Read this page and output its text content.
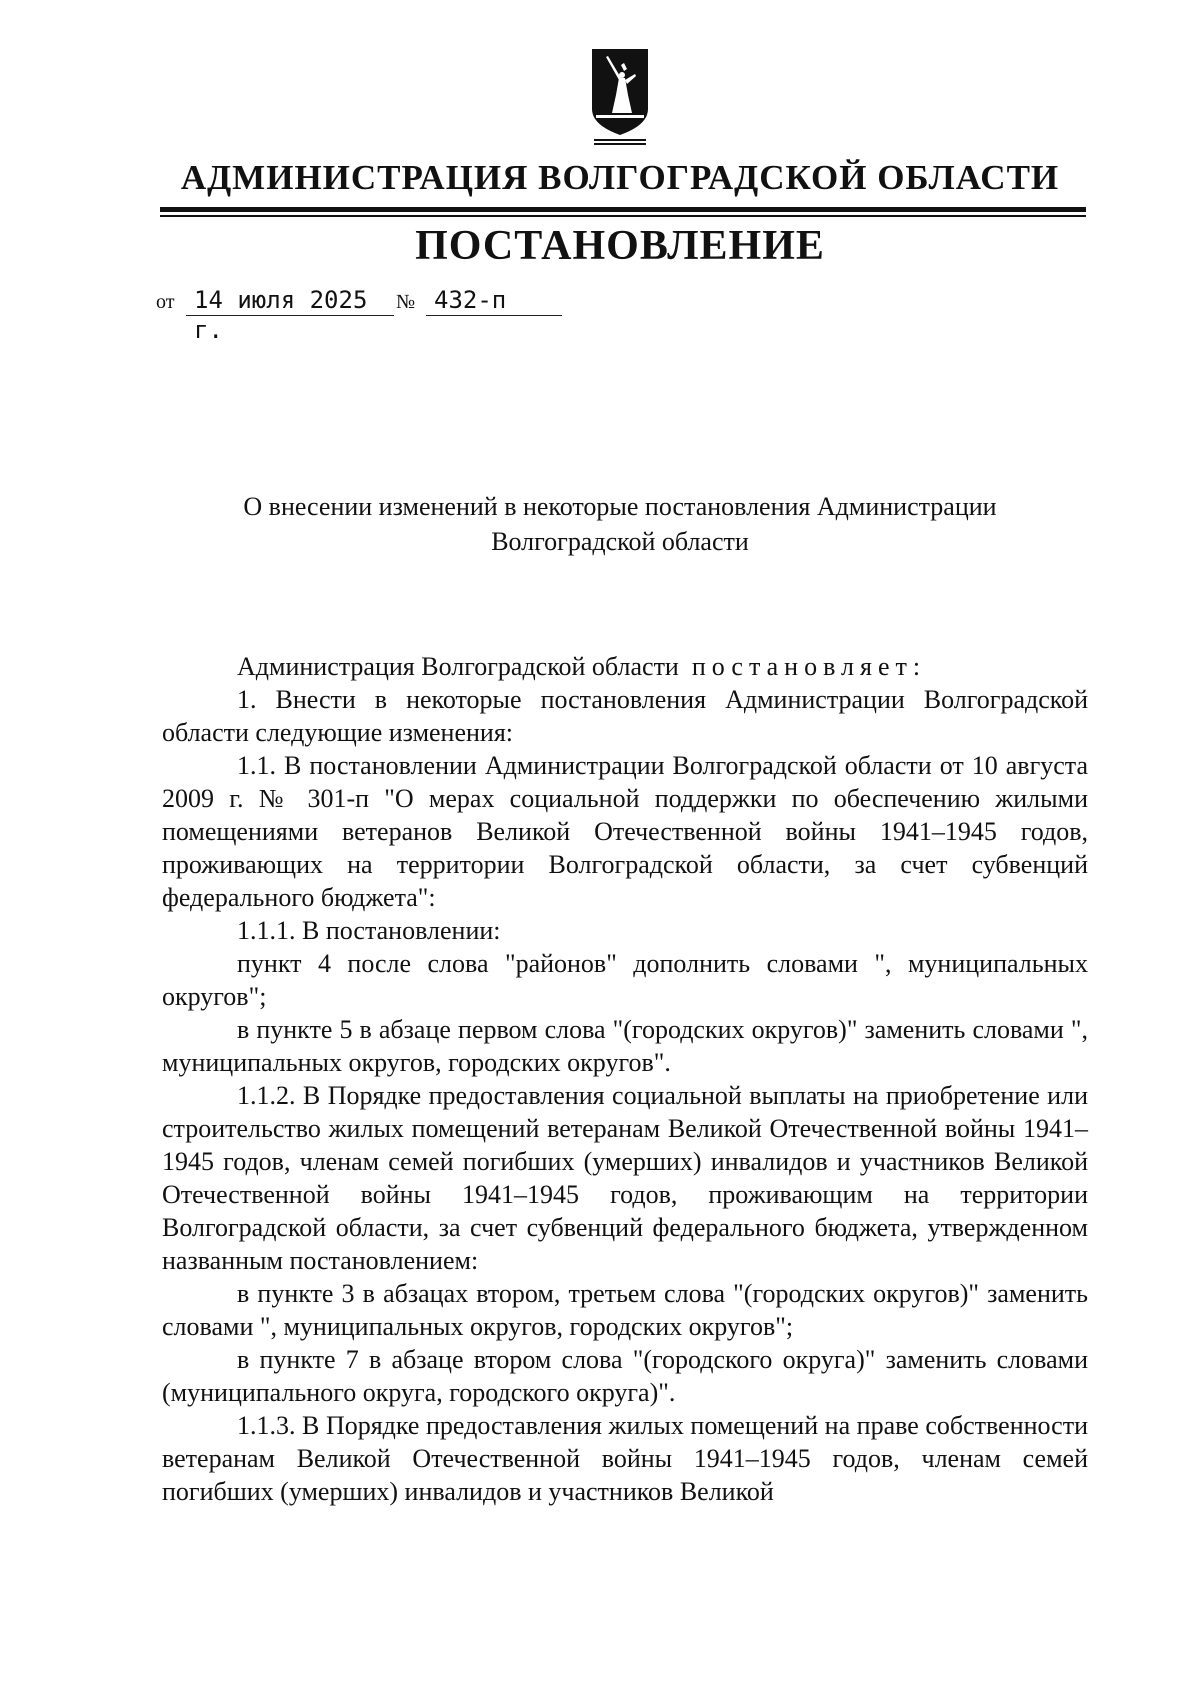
АДМИНИСТРАЦИЯ ВОЛГОГРАДСКОЙ ОБЛАСТИ
ПОСТАНОВЛЕНИЕ
от 14 июля 2025 г.
№ 432-п
О внесении изменений в некоторые постановления Администрации
Волгоградской области

Администрация Волгоградской области постановляет:

1. Внести в некоторые постановления Администрации Волгоградской области следующие изменения:

1.1. В постановлении Администрации Волгоградской области от 10 августа 2009 г. № 301-п "О мерах социальной поддержки по обеспечению жилыми помещениями ветеранов Великой Отечественной войны 1941–1945 годов, проживающих на территории Волгоградской области, за счет субвенций федерального бюджета":

1.1.1. В постановлении:

пункт 4 после слова "районов" дополнить словами ", муниципальных округов";

в пункте 5 в абзаце первом слова "(городских округов)" заменить словами ", муниципальных округов, городских округов".

1.1.2. В Порядке предоставления социальной выплаты на приобретение или строительство жилых помещений ветеранам Великой Отечественной войны 1941–1945 годов, членам семей погибших (умерших) инвалидов и участников Великой Отечественной войны 1941–1945 годов, проживающим на территории Волгоградской области, за счет субвенций федерального бюджета, утвержденном названным постановлением:

в пункте 3 в абзацах втором, третьем слова "(городских округов)" заменить словами ", муниципальных округов, городских округов";

в пункте 7 в абзаце втором слова "(городского округа)" заменить словами (муниципального округа, городского округа)".

1.1.3. В Порядке предоставления жилых помещений на праве собственности ветеранам Великой Отечественной войны 1941–1945 годов, членам семей погибших (умерших) инвалидов и участников Великой
